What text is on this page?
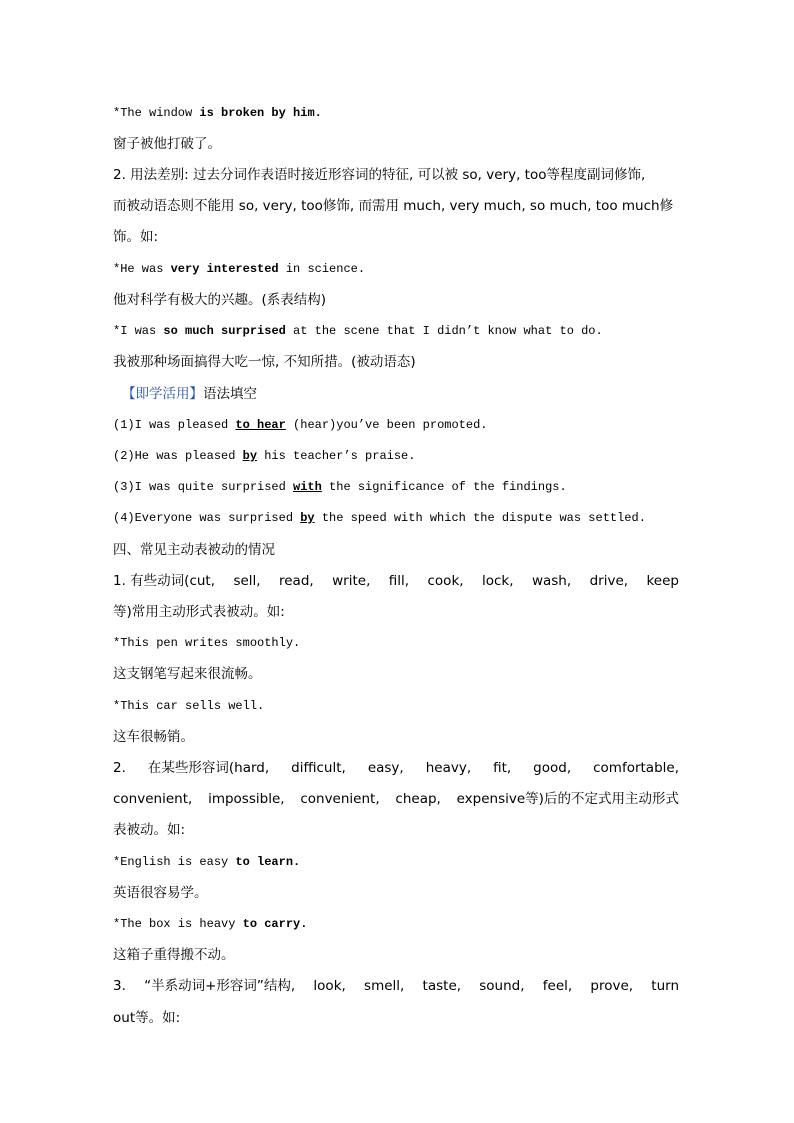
*The window is broken by him.
窗子被他打破了。
2. 用法差别: 过去分词作表语时接近形容词的特征, 可以被 so, very, too等程度副词修饰,
而被动语态则不能用 so, very, too修饰, 而需用 much, very much, so much, too much修
饰。如:
*He was very interested in science.
他对科学有极大的兴趣。(系表结构)
*I was so much surprised at the scene that I didn’t know what to do.
我被那种场面搞得大吃一惊, 不知所措。(被动语态)
【即学活用】语法填空
(1)I was pleased to hear (hear)you’ve been promoted.
(2)He was pleased by his teacher’s praise.
(3)I was quite surprised with the significance of the findings.
(4)Everyone was surprised by the speed with which the dispute was settled.
四、常见主动表被动的情况
1. 有些动词(cut, sell, read, write, fill, cook, lock, wash, drive, keep
等)常用主动形式表被动。如:
*This pen writes smoothly.
这支钢笔写起来很流畅。
*This car sells well.
这车很畅销。
2. 在某些形容词(hard, difficult, easy, heavy, fit, good, comfortable,
convenient, impossible, convenient, cheap, expensive等)后的不定式用主动形式
表被动。如:
*English is easy to learn.
英语很容易学。
*The box is heavy to carry.
这箱子重得搬不动。
3. “半系动词+形容词”结构, look, smell, taste, sound, feel, prove, turn
out等。如:
